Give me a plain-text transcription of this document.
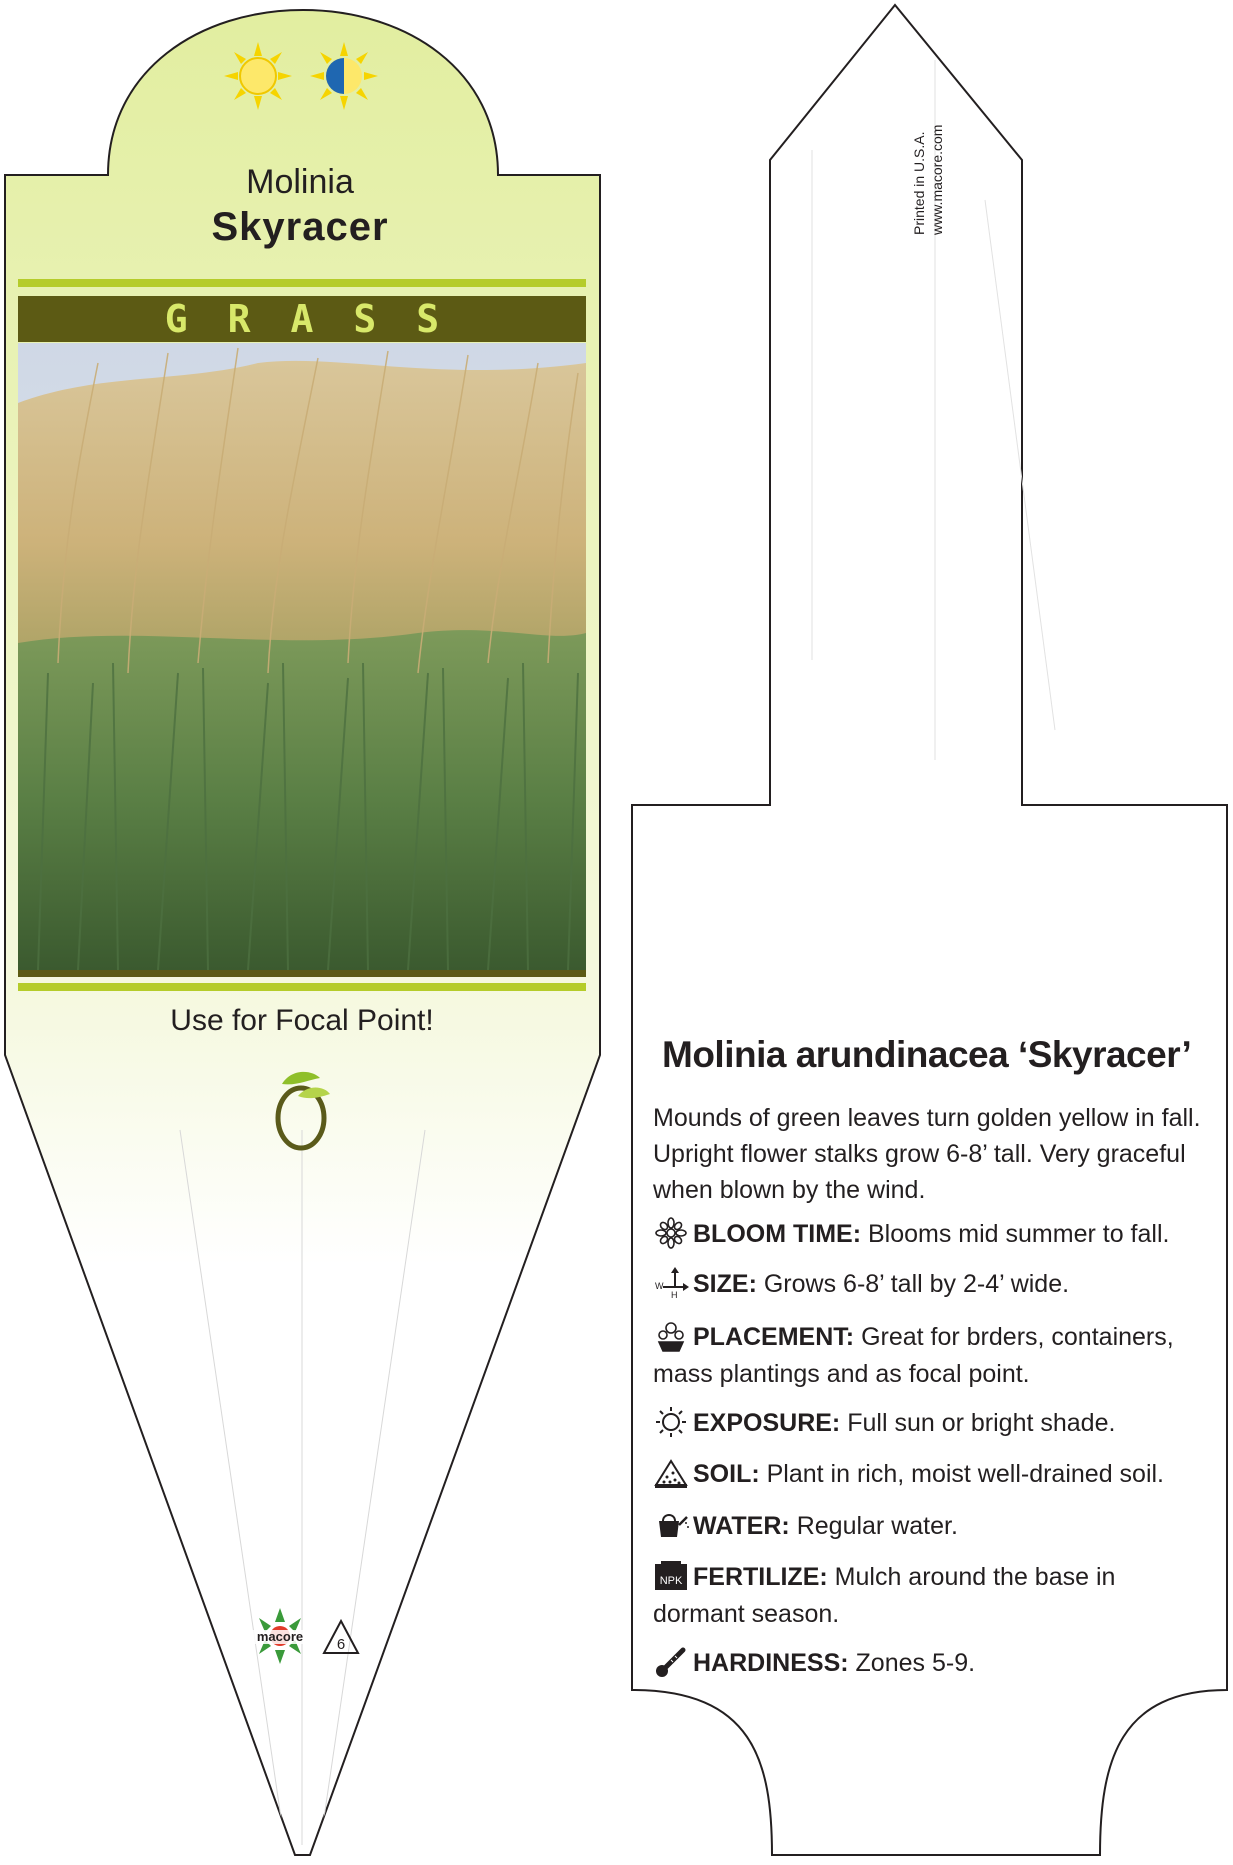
Molinia
Skyracer
GRASS
Use for Focal Point!
macore 6
Printed in U.S.A. www.macore.com
Molinia arundinacea ‘Skyracer’
Mounds of green leaves turn golden yellow in fall. Upright flower stalks grow 6-8’ tall. Very graceful when blown by the wind.
BLOOM TIME: Blooms mid summer to fall.
W
H SIZE: Grows 6-8’ tall by 2-4’ wide.
PLACEMENT: Great for brders, containers, mass plantings and as focal point.
EXPOSURE: Full sun or bright shade.
SOIL: Plant in rich, moist well-drained soil.
WATER: Regular water.
NPK FERTILIZE: Mulch around the base in dormant season.
HARDINESS: Zones 5-9.
